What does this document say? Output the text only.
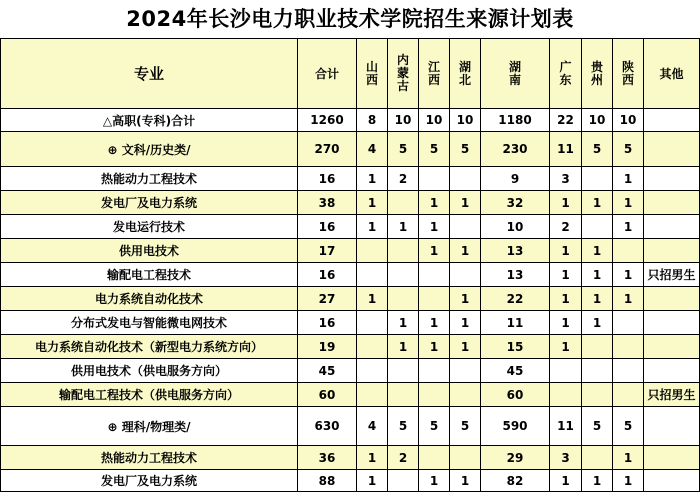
2024年长沙电力职业技术学院招生来源计划表
专业	合计	山西	内蒙古	江西	湖北	湖南	广东	贵州	陕西	其他
△高职(专科)合计	1260	8	10	10	10	1180	22	10	10	
⊕ 文科/历史类/	270	4	5	5	5	230	11	5	5	
热能动力工程技术	16	1	2			9	3		1	
发电厂及电力系统	38	1		1	1	32	1	1	1	
发电运行技术	16	1	1	1		10	2		1	
供用电技术	17			1	1	13	1	1		
输配电工程技术	16					13	1	1	1	只招男生
电力系统自动化技术	27	1			1	22	1	1	1	
分布式发电与智能微电网技术	16		1	1	1	11	1	1		
电力系统自动化技术（新型电力系统方向）	19		1	1	1	15	1			
供用电技术（供电服务方向）	45					45				
输配电工程技术（供电服务方向）	60					60				只招男生
⊕ 理科/物理类/	630	4	5	5	5	590	11	5	5	
热能动力工程技术	36	1	2			29	3		1	
发电厂及电力系统	88	1		1	1	82	1	1	1	
